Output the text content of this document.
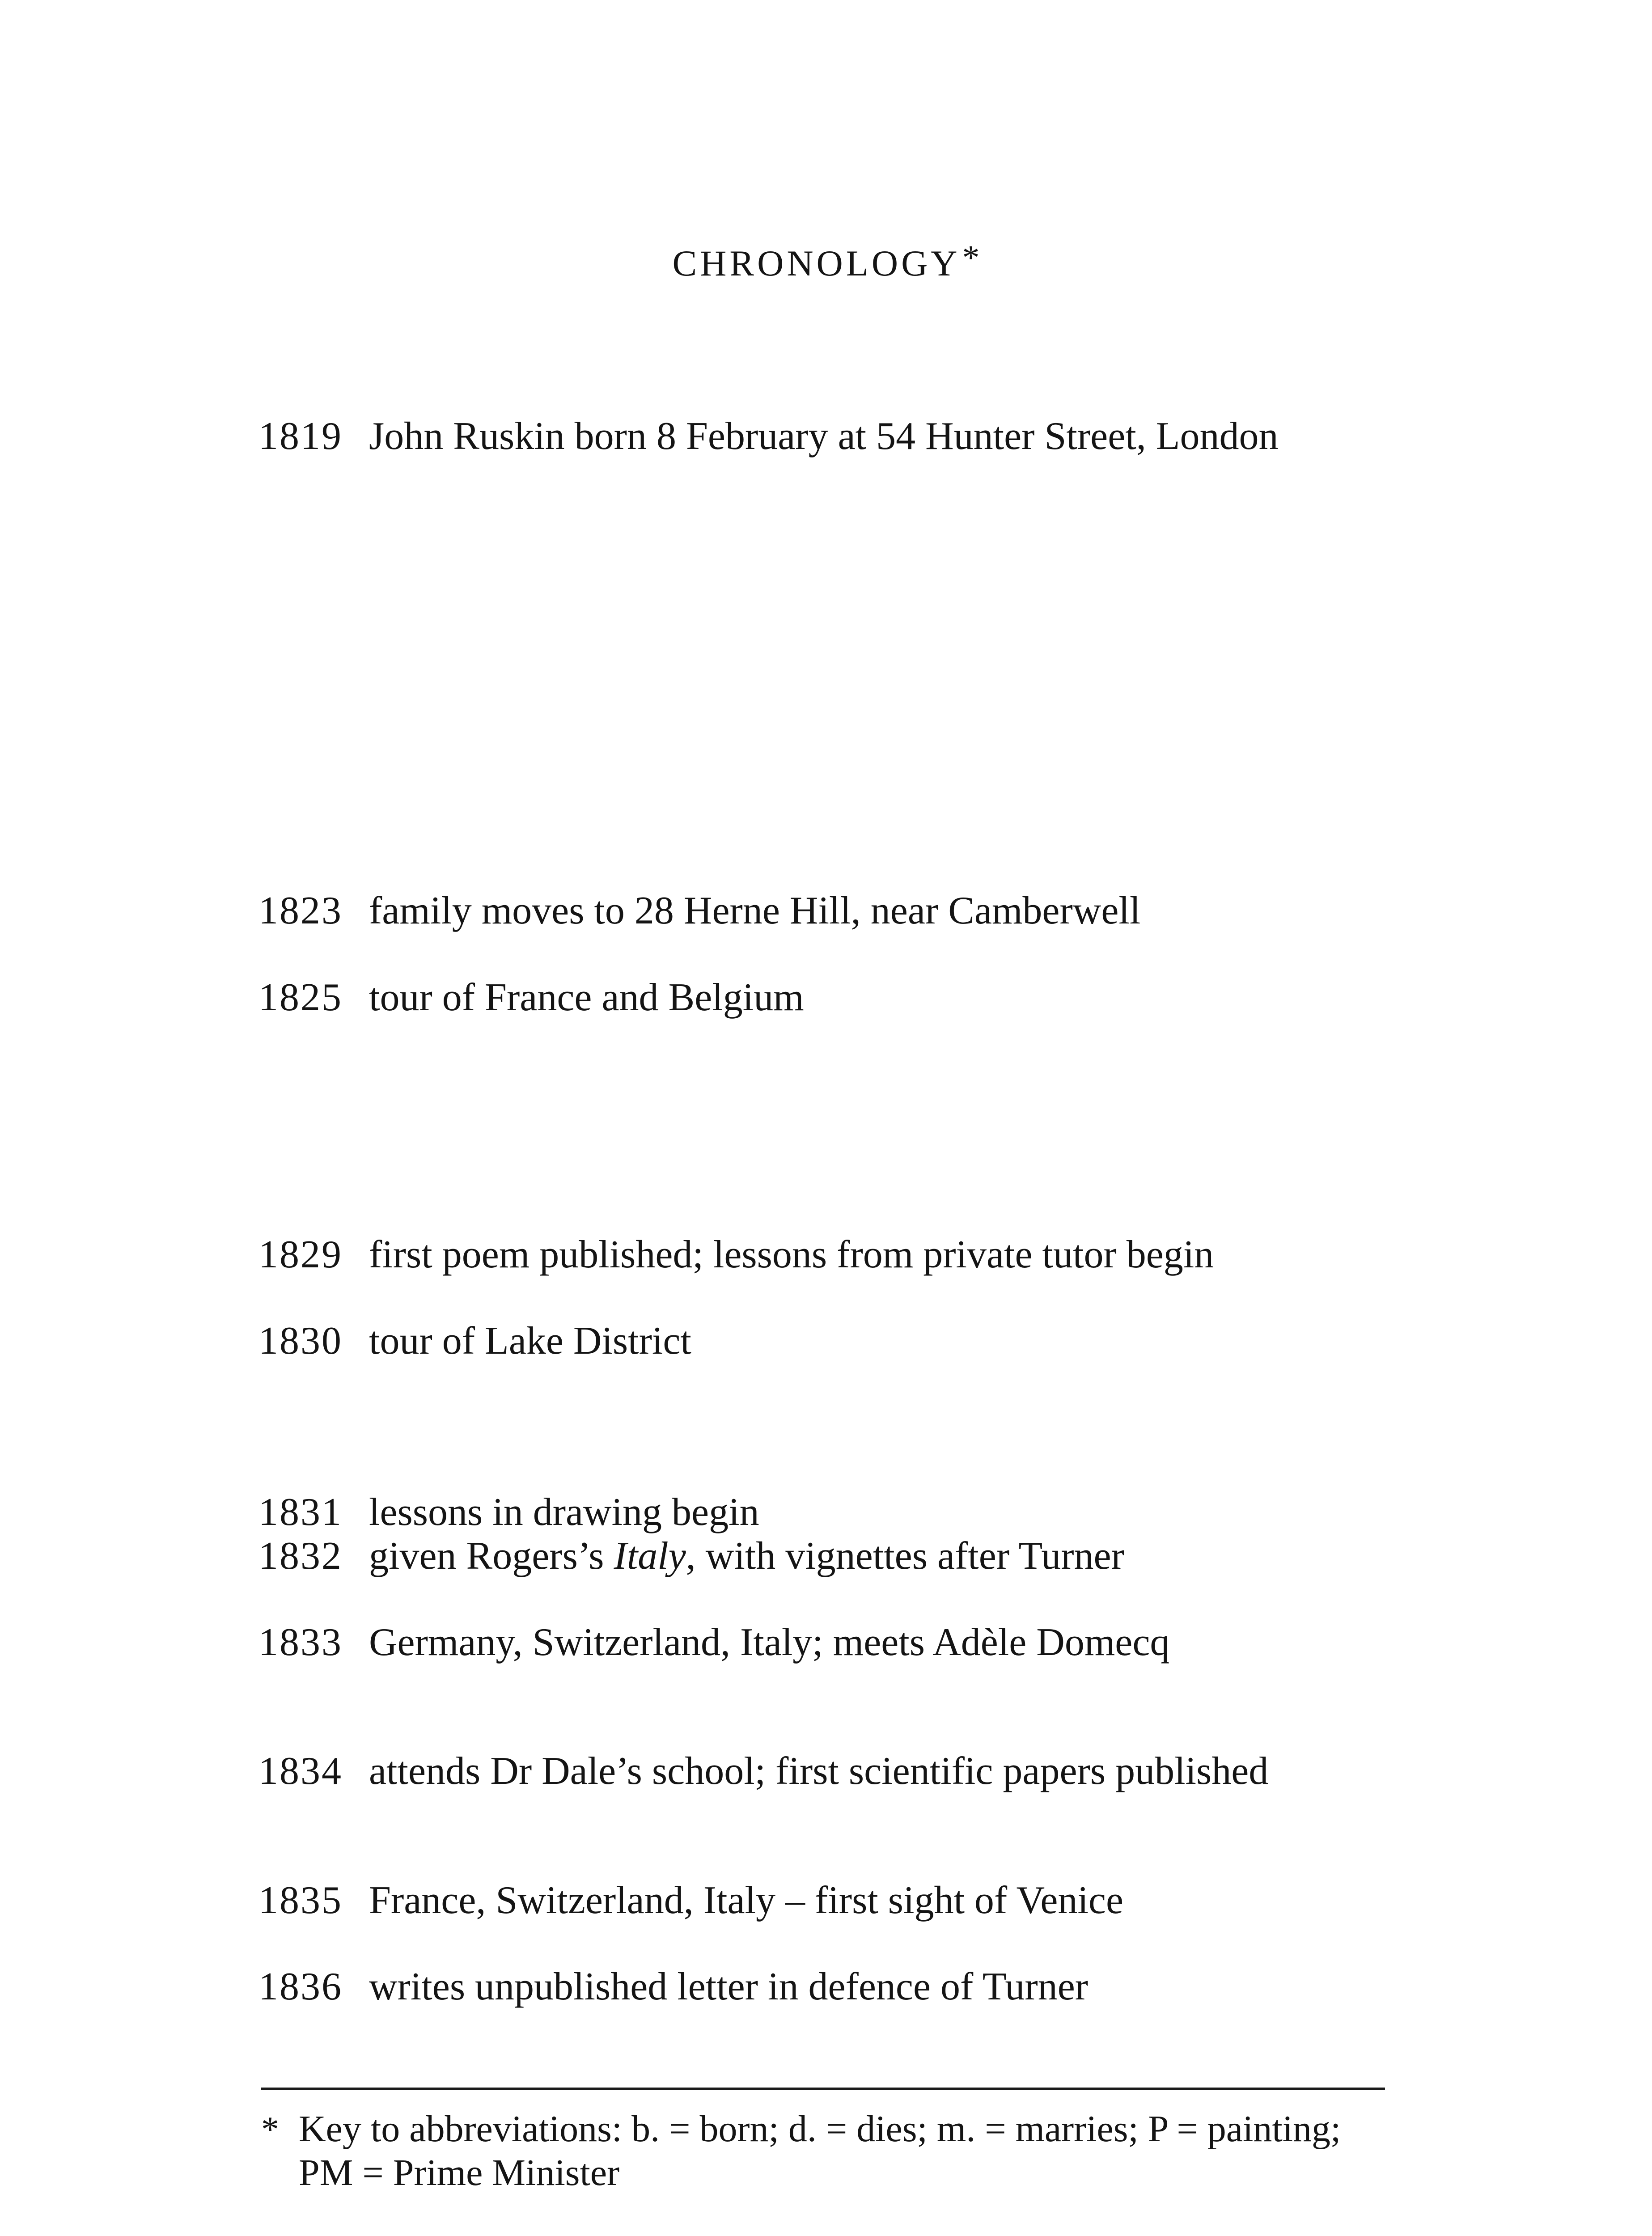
CHRONOLOGY*
1819 John Ruskin born 8 February at 54 Hunter Street, London
1823 family moves to 28 Herne Hill, near Camberwell
1825 tour of France and Belgium
1829 first poem published; lessons from private tutor begin
1830 tour of Lake District
1831 lessons in drawing begin
1832 given Rogers’s Italy, with vignettes after Turner
1833 Germany, Switzerland, Italy; meets Adèle Domecq
1834 attends Dr Dale’s school; first scientific papers published
1835 France, Switzerland, Italy – first sight of Venice
1836 writes unpublished letter in defence of Turner
* Key to abbreviations: b. = born; d. = dies; m. = marries; P = painting;
PM = Prime Minister
